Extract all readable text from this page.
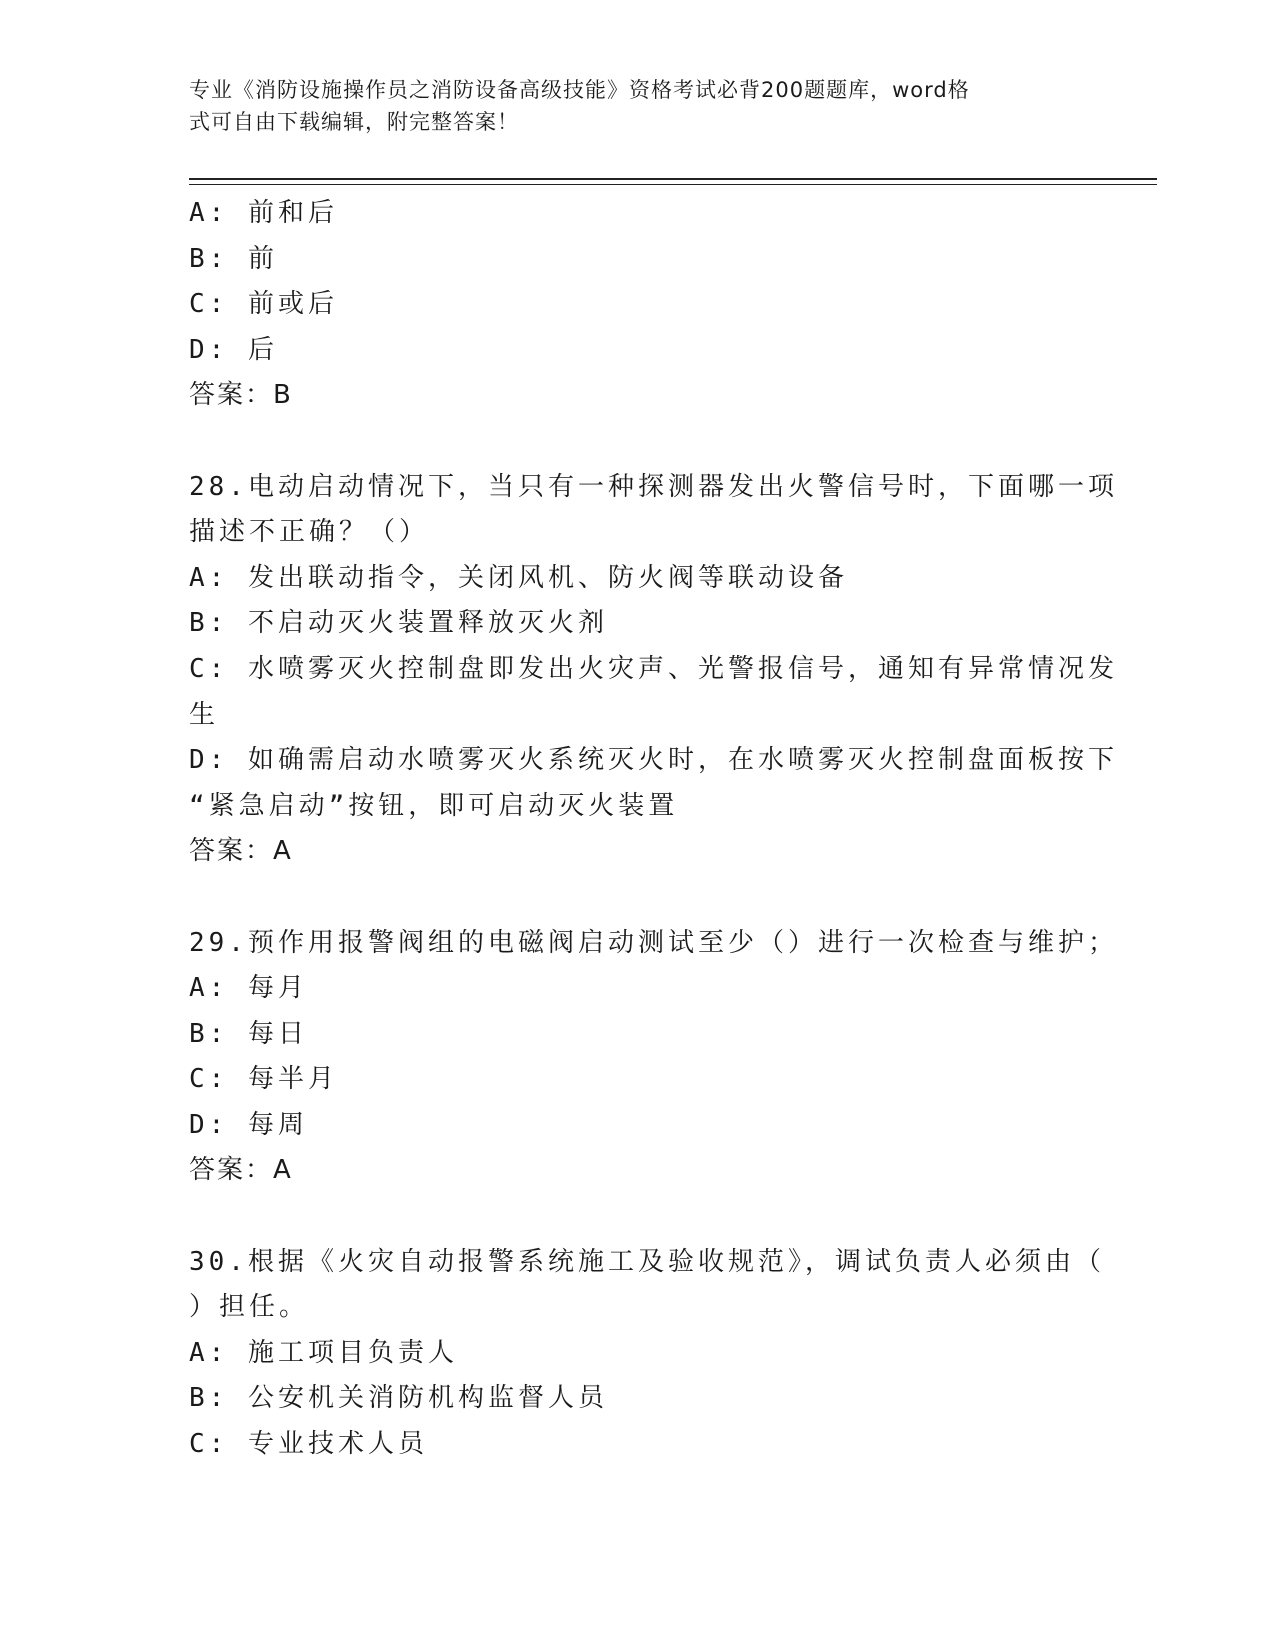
专业《消防设施操作员之消防设备高级技能》资格考试必背200题题库，word格
式可自由下载编辑，附完整答案！
A: 前和后
B: 前
C: 前或后
D: 后
答案：B
28.电动启动情况下，当只有一种探测器发出火警信号时，下面哪一项
描述不正确？（）
A: 发出联动指令，关闭风机、防火阀等联动设备
B: 不启动灭火装置释放灭火剂
C: 水喷雾灭火控制盘即发出火灾声、光警报信号，通知有异常情况发
生
D: 如确需启动水喷雾灭火系统灭火时，在水喷雾灭火控制盘面板按下
“紧急启动”按钮，即可启动灭火装置
答案：A
29.预作用报警阀组的电磁阀启动测试至少（）进行一次检查与维护；
A: 每月
B: 每日
C: 每半月
D: 每周
答案：A
30.根据《火灾自动报警系统施工及验收规范》，调试负责人必须由（
）担任。
A: 施工项目负责人
B: 公安机关消防机构监督人员
C: 专业技术人员
